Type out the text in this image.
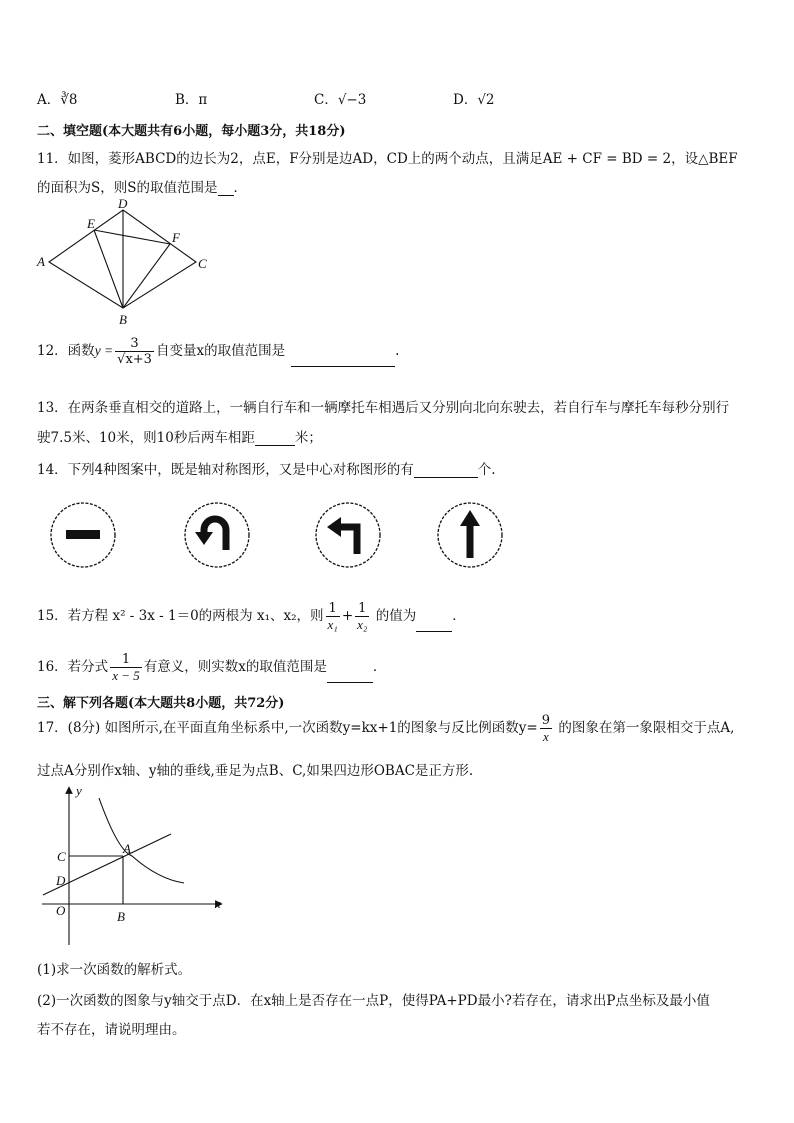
A．∛8	B．π	C．√−3	D．√2
二、填空题(本大题共有6小题，每小题3分，共18分)
11．如图，菱形ABCD的边长为2，点E，F分别是边AD，CD上的两个动点，且满足AE + CF = BD = 2，设△BEF
的面积为S，则S的取值范围是 ．
A
B
C
D
E
F
12．函数$y = \frac{3}{√x+3}$ 自变量x的取值范围是	.
13．在两条垂直相交的道路上，一辆自行车和一辆摩托车相遇后又分别向北向东驶去，若自行车与摩托车每秒分别行
驶7.5米、10米，则10秒后两车相距	米；
14．下列4种图案中，既是轴对称图形，又是中心对称图形的有	个.
15．若方程 x² - 3x - 1＝0的两根为 x₁、x₂，则 $\frac{1}{\text{x₁}} + \frac{1}{\text{x₂}}$ 的值为	．
16．若分式 $\frac{1}{x - 5}$ 有意义，则实数x的取值范围是	．
三、解下列各题(本大题共8小题，共72分)
17．(8分) 如图所示,在平面直角坐标系中,一次函数y=kx+1的图象与反比例函数$y= \frac{9}{x}$ 的图象在第一象限相交于点A,
过点A分别作x轴、y轴的垂线,垂足为点B、C,如果四边形OBAC是正方形.
y
x
A
B
C
D
O
(1)求一次函数的解析式。
(2)一次函数的图象与y轴交于点D．在x轴上是否存在一点P，使得PA+PD最小?若存在，请求出P点坐标及最小值
若不存在，请说明理由。
